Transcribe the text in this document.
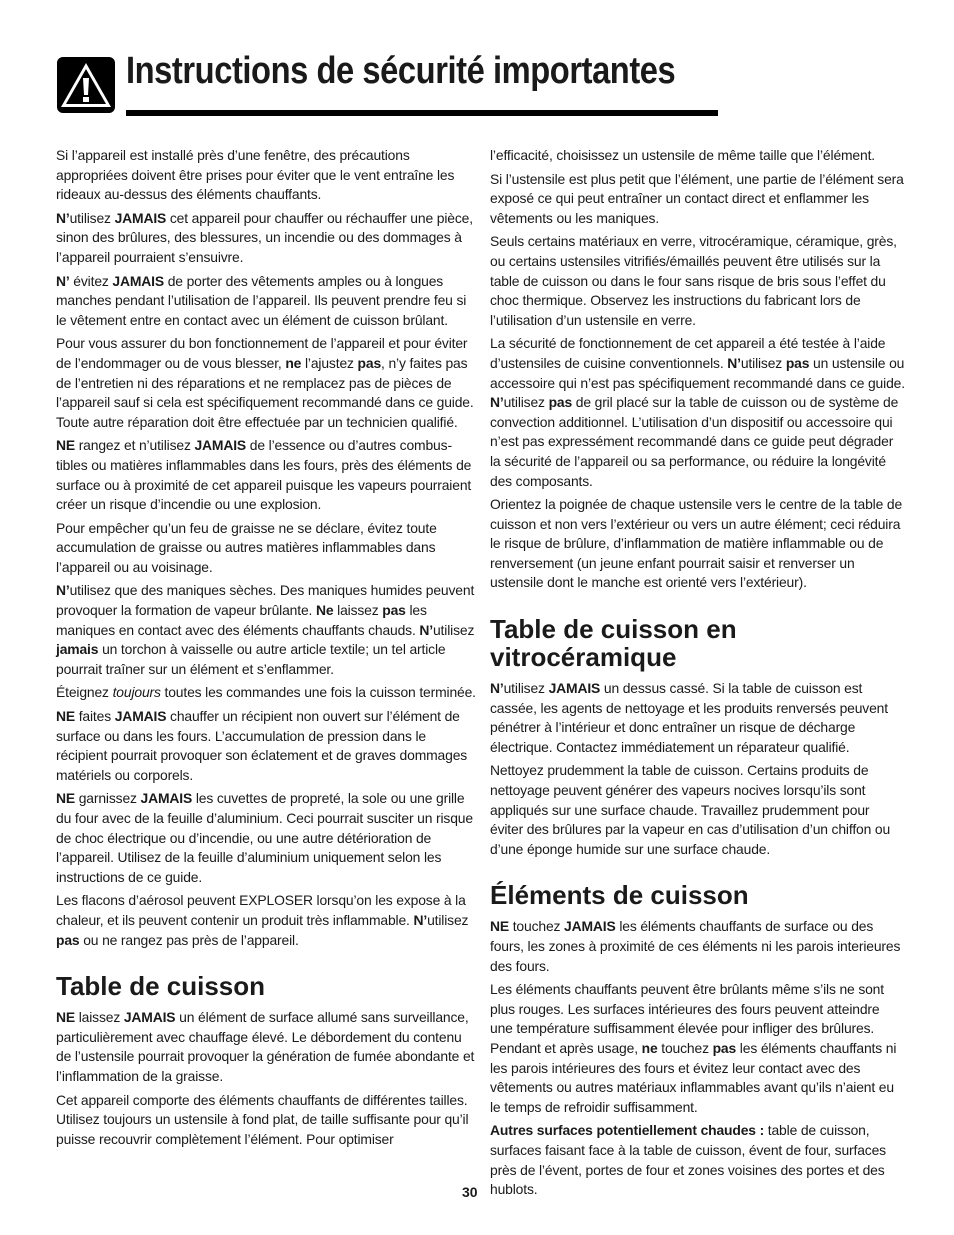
Instructions de sécurité importantes

Si l’appareil est installé près d’une fenêtre, des précautions appropriées doivent être prises pour éviter que le vent entraîne les rideaux au-dessus des éléments chauffants.

N’utilisez JAMAIS cet appareil pour chauffer ou réchauffer une pièce, sinon des brûlures, des blessures, un incendie ou des dommages à l’appareil pourraient s’ensuivre.

N’ évitez JAMAIS de porter des vêtements amples ou à longues manches pendant l’utilisation de l’appareil. Ils peuvent prendre feu si le vêtement entre en contact avec un élément de cuisson brûlant.

Pour vous assurer du bon fonctionnement de l’appareil et pour éviter de l’endommager ou de vous blesser, ne l’ajustez pas, n’y faites pas de l’entretien ni des réparations et ne remplacez pas de pièces de l’appareil sauf si cela est spécifiquement recommandé dans ce guide. Toute autre réparation doit être effectuée par un technicien qualifié.

NE rangez et n’utilisez JAMAIS de l’essence ou d’autres combustibles ou matières inflammables dans les fours, près des éléments de surface ou à proximité de cet appareil puisque les vapeurs pourraient créer un risque d’incendie ou une explosion.

Pour empêcher qu’un feu de graisse ne se déclare, évitez toute accumulation de graisse ou autres matières inflammables dans l’appareil ou au voisinage.

N’utilisez que des maniques sèches. Des maniques humides peuvent provoquer la formation de vapeur brûlante. Ne laissez pas les maniques en contact avec des éléments chauffants chauds. N’utilisez jamais un torchon à vaisselle ou autre article textile; un tel article pourrait traîner sur un élément et s’enflammer.

Éteignez toujours toutes les commandes une fois la cuisson terminée.

NE faites JAMAIS chauffer un récipient non ouvert sur l’élément de surface ou dans les fours. L’accumulation de pression dans le récipient pourrait provoquer son éclatement et de graves dommages matériels ou corporels.

NE garnissez JAMAIS les cuvettes de propreté, la sole ou une grille du four avec de la feuille d’aluminium. Ceci pourrait susciter un risque de choc électrique ou d’incendie, ou une autre détérioration de l’appareil. Utilisez de la feuille d’aluminium uniquement selon les instructions de ce guide.

Les flacons d’aérosol peuvent EXPLOSER lorsqu’on les expose à la chaleur, et ils peuvent contenir un produit très inflammable. N’utilisez pas ou ne rangez pas près de l’appareil.

Table de cuisson

NE laissez JAMAIS un élément de surface allumé sans surveillance, particulièrement avec chauffage élevé. Le débordement du contenu de l’ustensile pourrait provoquer la génération de fumée abondante et l’inflammation de la graisse.

Cet appareil comporte des éléments chauffants de différentes tailles. Utilisez toujours un ustensile à fond plat, de taille suffisante pour qu’il puisse recouvrir complètement l’élément. Pour optimiser

l’efficacité, choisissez un ustensile de même taille que l’élément.

Si l’ustensile est plus petit que l’élément, une partie de l’élément sera exposé ce qui peut entraîner un contact direct et enflammer les vêtements ou les maniques.

Seuls certains matériaux en verre, vitrocéramique, céramique, grès, ou certains ustensiles vitrifiés/émaillés peuvent être utilisés sur la table de cuisson ou dans le four sans risque de bris sous l’effet du choc thermique. Observez les instructions du fabricant lors de l’utilisation d’un ustensile en verre.

La sécurité de fonctionnement de cet appareil a été testée à l’aide d’ustensiles de cuisine conventionnels. N’utilisez pas un ustensile ou accessoire qui n’est pas spécifiquement recommandé dans ce guide. N’utilisez pas de gril placé sur la table de cuisson ou de système de convection additionnel. L’utilisation d’un dispositif ou accessoire qui n’est pas expressément recommandé dans ce guide peut dégrader la sécurité de l’appareil ou sa performance, ou réduire la longévité des composants.

Orientez la poignée de chaque ustensile vers le centre de la table de cuisson et non vers l’extérieur ou vers un autre élément; ceci réduira le risque de brûlure, d’inflammation de matière inflammable ou de renversement (un jeune enfant pourrait saisir et renverser un ustensile dont le manche est orienté vers l’extérieur).

Table de cuisson en vitrocéramique

N’utilisez JAMAIS un dessus cassé. Si la table de cuisson est cassée, les agents de nettoyage et les produits renversés peuvent pénétrer à l’intérieur et donc entraîner un risque de décharge électrique. Contactez immédiatement un réparateur qualifié.

Nettoyez prudemment la table de cuisson. Certains produits de nettoyage peuvent générer des vapeurs nocives lorsqu’ils sont appliqués sur une surface chaude. Travaillez prudemment pour éviter des brûlures par la vapeur en cas d’utilisation d’un chiffon ou d’une éponge humide sur une surface chaude.

Éléments de cuisson

NE touchez JAMAIS les éléments chauffants de surface ou des fours, les zones à proximité de ces éléments ni les parois interieures des fours.

Les éléments chauffants peuvent être brûlants même s’ils ne sont plus rouges. Les surfaces intérieures des fours peuvent atteindre une température suffisamment élevée pour infliger des brûlures. Pendant et après usage, ne touchez pas les éléments chauffants ni les parois intérieures des fours et évitez leur contact avec des vêtements ou autres matériaux inflammables avant qu’ils n’aient eu le temps de refroidir suffisamment.

Autres surfaces potentiellement chaudes : table de cuisson, surfaces faisant face à la table de cuisson, évent de four, surfaces près de l’évent, portes de four et zones voisines des portes et des hublots.

30
